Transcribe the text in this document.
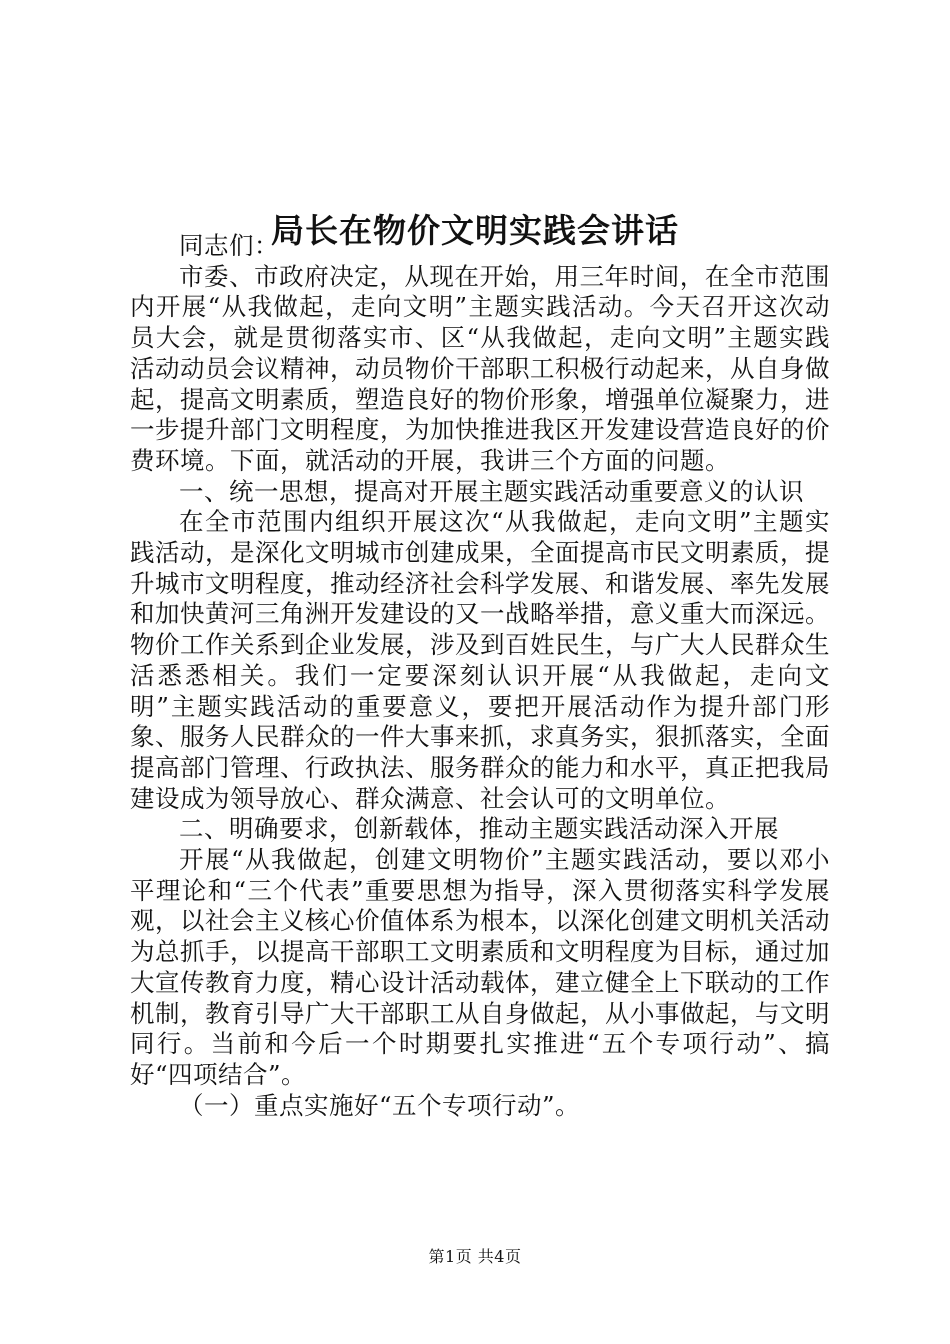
局长在物价文明实践会讲话

同志们：

市委、市政府决定，从现在开始，用三年时间，在全市范围内开展“从我做起，走向文明”主题实践活动。今天召开这次动员大会，就是贯彻落实市、区“从我做起，走向文明”主题实践活动动员会议精神，动员物价干部职工积极行动起来，从自身做起，提高文明素质，塑造良好的物价形象，增强单位凝聚力，进一步提升部门文明程度，为加快推进我区开发建设营造良好的价费环境。下面，就活动的开展，我讲三个方面的问题。

一、统一思想，提高对开展主题实践活动重要意义的认识

在全市范围内组织开展这次“从我做起，走向文明”主题实践活动，是深化文明城市创建成果，全面提高市民文明素质，提升城市文明程度，推动经济社会科学发展、和谐发展、率先发展和加快黄河三角洲开发建设的又一战略举措，意义重大而深远。物价工作关系到企业发展，涉及到百姓民生，与广大人民群众生活悉悉相关。我们一定要深刻认识开展“从我做起，走向文明”主题实践活动的重要意义，要把开展活动作为提升部门形象、服务人民群众的一件大事来抓，求真务实，狠抓落实，全面提高部门管理、行政执法、服务群众的能力和水平，真正把我局建设成为领导放心、群众满意、社会认可的文明单位。

二、明确要求，创新载体，推动主题实践活动深入开展

开展“从我做起，创建文明物价”主题实践活动，要以邓小平理论和“三个代表”重要思想为指导，深入贯彻落实科学发展观，以社会主义核心价值体系为根本，以深化创建文明机关活动为总抓手，以提高干部职工文明素质和文明程度为目标，通过加大宣传教育力度，精心设计活动载体，建立健全上下联动的工作机制，教育引导广大干部职工从自身做起，从小事做起，与文明同行。当前和今后一个时期要扎实推进“五个专项行动”、搞好“四项结合”。

（一）重点实施好“五个专项行动”。

第1页 共4页
